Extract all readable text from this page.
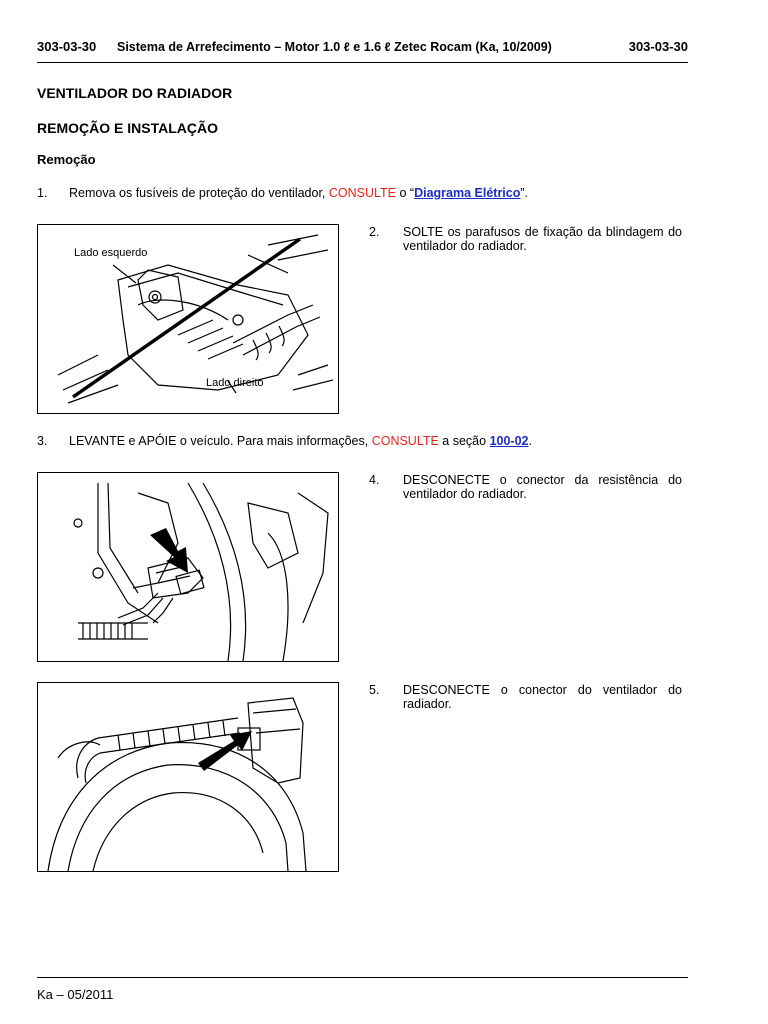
303-03-30 Sistema de Arrefecimento – Motor 1.0 ℓ e 1.6 ℓ Zetec Rocam (Ka, 10/2009)	303-03-30
VENTILADOR DO RADIADOR
REMOÇÃO E INSTALAÇÃO
Remoção
1. Remova os fusíveis de proteção do ventilador, CONSULTE o “Diagrama Elétrico”.
Lado esquerdo
Lado direito
2. SOLTE os parafusos de fixação da blindagem do ventilador do radiador.
3. LEVANTE e APÓIE o veículo. Para mais informações, CONSULTE a seção 100-02.
4. DESCONECTE o conector da resistência do ventilador do radiador.
5. DESCONECTE o conector do ventilador do radiador.
Ka – 05/2011
